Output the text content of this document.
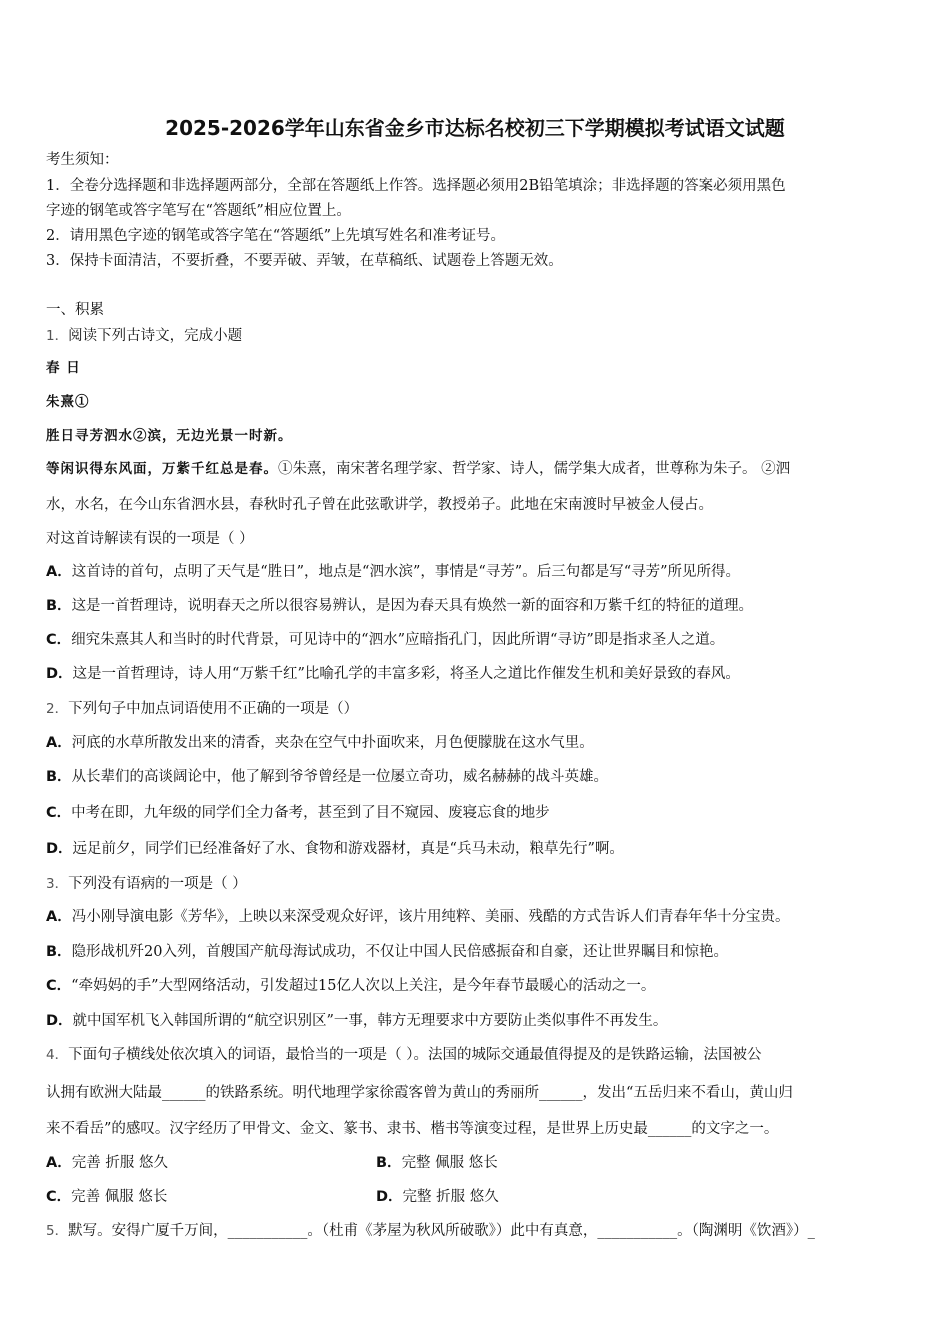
2025-2026学年山东省金乡市达标名校初三下学期模拟考试语文试题
考生须知：
1．全卷分选择题和非选择题两部分，全部在答题纸上作答。选择题必须用2B铅笔填涂；非选择题的答案必须用黑色
字迹的钢笔或答字笔写在“答题纸”相应位置上。
2．请用黑色字迹的钢笔或答字笔在“答题纸”上先填写姓名和准考证号。
3．保持卡面清洁，不要折叠，不要弄破、弄皱，在草稿纸、试题卷上答题无效。
一、积累
1．阅读下列古诗文，完成小题
春 日
朱熹①
胜日寻芳泗水②滨，无边光景一时新。
等闲识得东风面，万紫千红总是春。①朱熹，南宋著名理学家、哲学家、诗人，儒学集大成者，世尊称为朱子。 ②泗
水，水名，在今山东省泗水县，春秋时孔子曾在此弦歌讲学，教授弟子。此地在宋南渡时早被金人侵占。
对这首诗解读有误的一项是（ ）
A．这首诗的首句，点明了天气是“胜日”，地点是“泗水滨”，事情是“寻芳”。后三句都是写“寻芳”所见所得。
B．这是一首哲理诗，说明春天之所以很容易辨认，是因为春天具有焕然一新的面容和万紫千红的特征的道理。
C．细究朱熹其人和当时的时代背景，可见诗中的“泗水”应暗指孔门，因此所谓“寻访”即是指求圣人之道。
D．这是一首哲理诗，诗人用“万紫千红”比喻孔学的丰富多彩，将圣人之道比作催发生机和美好景致的春风。
2．下列句子中加点词语使用不正确的一项是（）
A．河底的水草所散发出来的清香，夹杂在空气中扑面吹来，月色便朦胧在这水气里。
B．从长辈们的高谈阔论中，他了解到爷爷曾经是一位屡立奇功，威名赫赫的战斗英雄。
C．中考在即，九年级的同学们全力备考，甚至到了目不窥园、废寝忘食的地步
D．远足前夕，同学们已经准备好了水、食物和游戏器材，真是“兵马未动，粮草先行”啊。
3．下列没有语病的一项是（ ）
A．冯小刚导演电影《芳华》，上映以来深受观众好评，该片用纯粹、美丽、残酷的方式告诉人们青春年华十分宝贵。
B．隐形战机歼20入列，首艘国产航母海试成功，不仅让中国人民倍感振奋和自豪，还让世界瞩目和惊艳。
C．“牵妈妈的手”大型网络活动，引发超过15亿人次以上关注，是今年春节最暖心的活动之一。
D．就中国军机飞入韩国所谓的“航空识别区”一事，韩方无理要求中方要防止类似事件不再发生。
4．下面句子横线处依次填入的词语，最恰当的一项是（ ）。法国的城际交通最值得提及的是铁路运输，法国被公
认拥有欧洲大陆最______的铁路系统。明代地理学家徐霞客曾为黄山的秀丽所______，发出“五岳归来不看山，黄山归
来不看岳”的感叹。汉字经历了甲骨文、金文、篆书、隶书、楷书等演变过程，是世界上历史最______的文字之一。
A．完善 折服 悠久	B．完整 佩服 悠长
C．完善 佩服 悠长	D．完整 折服 悠久
5．默写。安得广厦千万间，___________。（杜甫《茅屋为秋风所破歌》）此中有真意，___________。（陶渊明《饮酒》）_
